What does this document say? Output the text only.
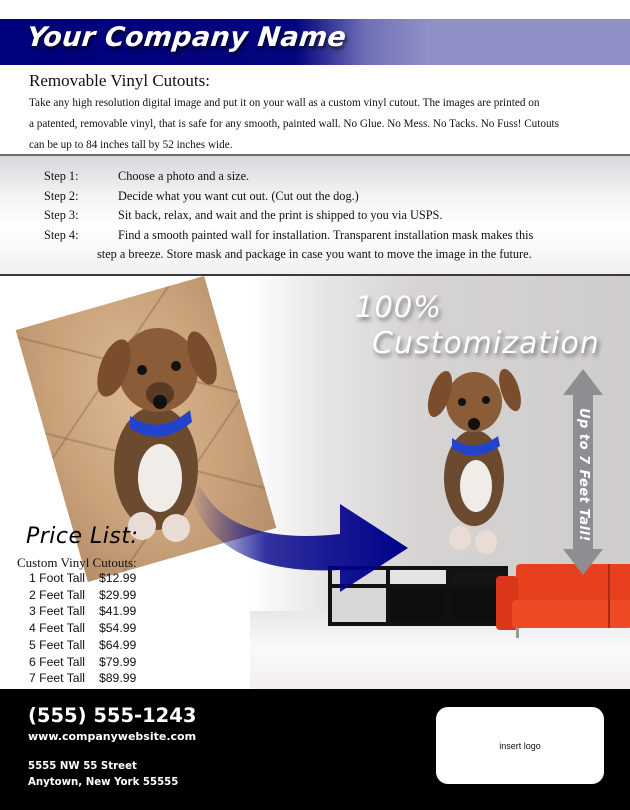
Your Company Name
Removable Vinyl Cutouts:
Take any high resolution digital image and put it on your wall as a custom vinyl cutout. The images are printed on
a patented, removable vinyl, that is safe for any smooth, painted wall. No Glue. No Mess. No Tacks. No Fuss! Cutouts
can be up to 84 inches tall by 52 inches wide.
Step 1:	Choose a photo and a size.
Step 2:	Decide what you want cut out. (Cut out the dog.)
Step 3:	Sit back, relax, and wait and the print is shipped to you via USPS.
Step 4:	Find a smooth painted wall for installation. Transparent installation mask makes this
step a breeze. Store mask and package in case you want to move the image in the future.
100%
Customization
Up to 7 Feet Tall!
Price List:
Custom Vinyl Cutouts:
1 Foot Tall	$12.99
2 Feet Tall	$29.99
3 Feet Tall	$41.99
4 Feet Tall	$54.99
5 Feet Tall	$64.99
6 Feet Tall	$79.99
7 Feet Tall	$89.99
(555) 555-1243
www.companywebsite.com
5555 NW 55 Street
Anytown, New York 55555
insert logo
